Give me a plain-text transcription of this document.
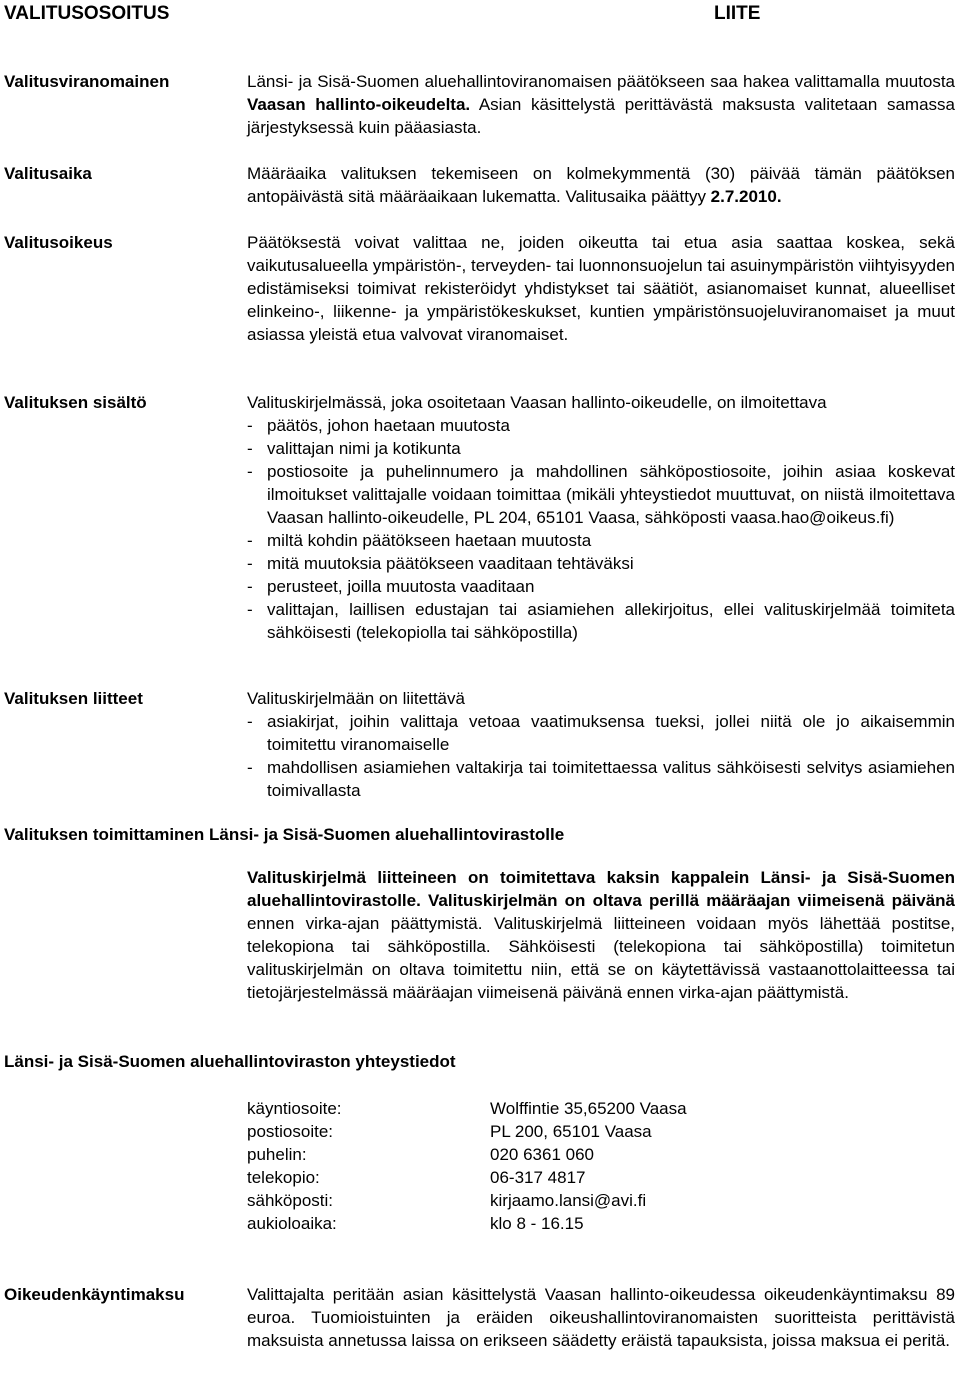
VALITUSOSOITUS	LIITE
Valitusviranomainen	Länsi- ja Sisä-Suomen aluehallintoviranomaisen päätökseen saa hakea valittamalla muutosta Vaasan hallinto-oikeudelta. Asian käsittelystä perittävästä maksusta valitetaan samassa järjestyksessä kuin pääasiasta.

Valitusaika	Määräaika valituksen tekemiseen on kolmekymmentä (30) päivää tämän päätöksen antopäivästä sitä määräaikaan lukematta. Valitusaika päättyy 2.7.2010.

Valitusoikeus	Päätöksestä voivat valittaa ne, joiden oikeutta tai etua asia saattaa koskea, sekä vaikutusalueella ympäristön-, terveyden- tai luonnonsuojelun tai asuinympäristön viihtyisyyden edistämiseksi toimivat rekisteröidyt yhdistykset tai säätiöt, asianomaiset kunnat, alueelliset elinkeino-, liikenne- ja ympäristökeskukset, kuntien ympäristönsuojeluviranomaiset ja muut asiassa yleistä etua valvovat viranomaiset.

Valituksen sisältö	Valituskirjelmässä, joka osoitetaan Vaasan hallinto-oikeudelle, on ilmoitettava

- päätös, johon haetaan muutosta
- valittajan nimi ja kotikunta
- postiosoite ja puhelinnumero ja mahdollinen sähköpostiosoite, joihin asiaa koskevat ilmoitukset valittajalle voidaan toimittaa (mikäli yhteystiedot muuttuvat, on niistä ilmoitettava Vaasan hallinto-oikeudelle, PL 204, 65101 Vaasa, sähköposti vaasa.hao@oikeus.fi)
- miltä kohdin päätökseen haetaan muutosta
- mitä muutoksia päätökseen vaaditaan tehtäväksi
- perusteet, joilla muutosta vaaditaan
- valittajan, laillisen edustajan tai asiamiehen allekirjoitus, ellei valituskirjelmää toimiteta sähköisesti (telekopiolla tai sähköpostilla)
Valituksen liitteet	Valituskirjelmään on liitettävä

- asiakirjat, joihin valittaja vetoaa vaatimuksensa tueksi, jollei niitä ole jo aikaisemmin toimitettu viranomaiselle
- mahdollisen asiamiehen valtakirja tai toimitettaessa valitus sähköisesti selvitys asiamiehen toimivallasta
Valituksen toimittaminen Länsi- ja Sisä-Suomen aluehallintovirastolle

Valituskirjelmä liitteineen on toimitettava kaksin kappalein Länsi- ja Sisä-Suomen aluehallintovirastolle. Valituskirjelmän on oltava perillä määräajan viimeisenä päivänä ennen virka-ajan päättymistä. Valituskirjelmä liitteineen voidaan myös lähettää postitse, telekopiona tai sähköpostilla. Sähköisesti (telekopiona tai sähköpostilla) toimitetun valituskirjelmän on oltava toimitettu niin, että se on käytettävissä vastaanottolaitteessa tai tietojärjestelmässä määräajan viimeisenä päivänä ennen virka-ajan päättymistä.

Länsi- ja Sisä-Suomen aluehallintoviraston yhteystiedot
käyntiosoite:	Wolffintie 35,65200 Vaasa
postiosoite:	PL 200, 65101 Vaasa
puhelin:	020 6361 060
telekopio:	06-317 4817
sähköposti:	kirjaamo.lansi@avi.fi
aukioloaika:	klo 8 - 16.15
Oikeudenkäyntimaksu	Valittajalta peritään asian käsittelystä Vaasan hallinto-oikeudessa oikeudenkäyntimaksu 89 euroa. Tuomioistuinten ja eräiden oikeushallintoviranomaisten suoritteista perittävistä maksuista annetussa laissa on erikseen säädetty eräistä tapauksista, joissa maksua ei peritä.
